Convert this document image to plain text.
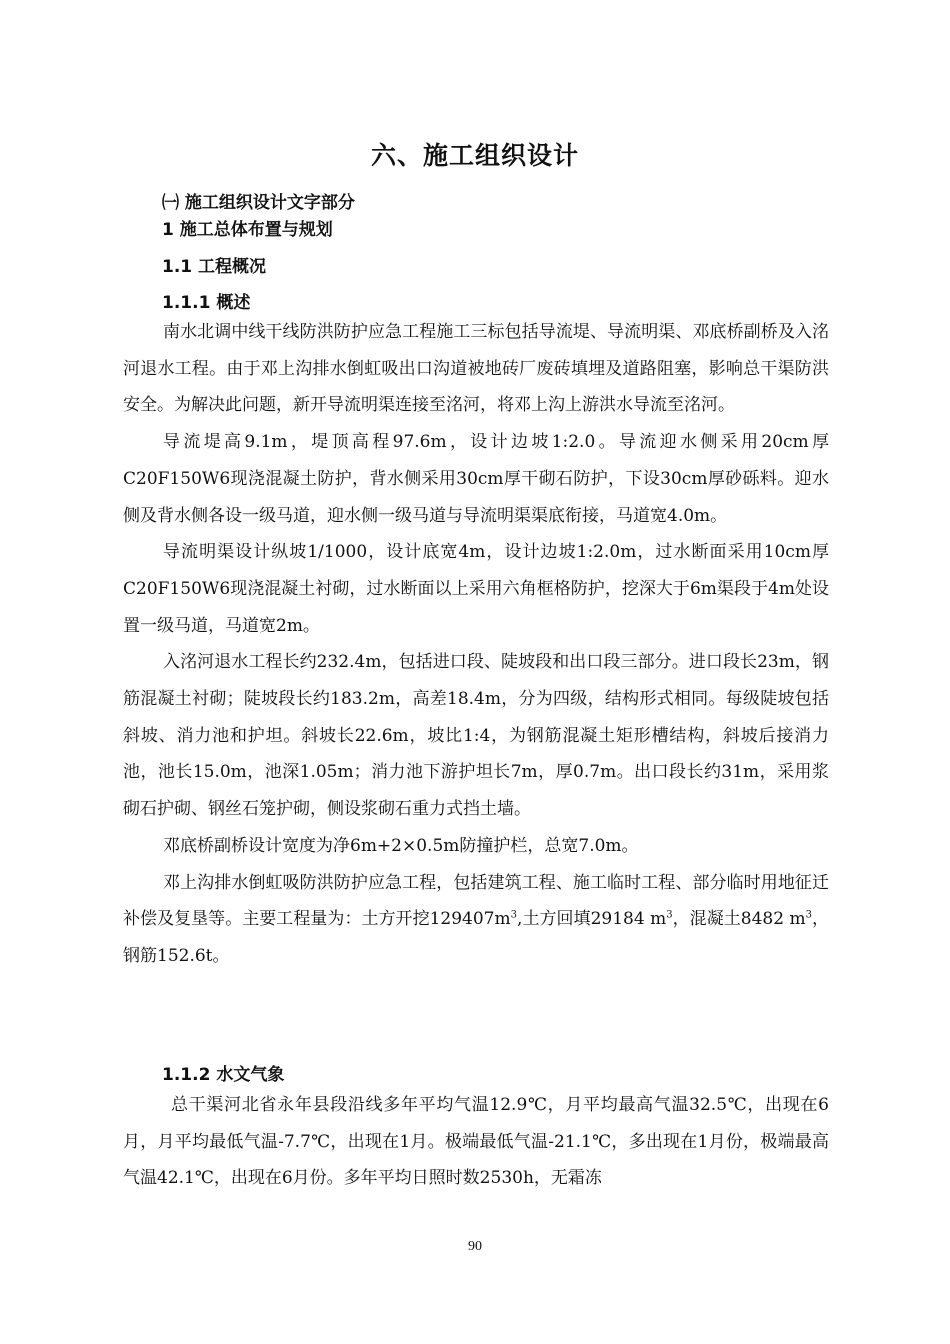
六、施工组织设计
㈠ 施工组织设计文字部分
1 施工总体布置与规划
1.1 工程概况
1.1.1 概述

南水北调中线干线防洪防护应急工程施工三标包括导流堤、导流明渠、邓底桥副桥及入洺河退水工程。由于邓上沟排水倒虹吸出口沟道被地砖厂废砖填埋及道路阻塞，影响总干渠防洪安全。为解决此问题，新开导流明渠连接至洺河，将邓上沟上游洪水导流至洺河。

导流堤高9.1m，堤顶高程97.6m，设计边坡1:2.0。导流迎水侧采用20cm厚C20F150W6现浇混凝土防护，背水侧采用30cm厚干砌石防护，下设30cm厚砂砾料。迎水侧及背水侧各设一级马道，迎水侧一级马道与导流明渠渠底衔接，马道宽4.0m。

导流明渠设计纵坡1/1000，设计底宽4m，设计边坡1:2.0m，过水断面采用10cm厚C20F150W6现浇混凝土衬砌，过水断面以上采用六角框格防护，挖深大于6m渠段于4m处设置一级马道，马道宽2m。

入洺河退水工程长约232.4m，包括进口段、陡坡段和出口段三部分。进口段长23m，钢筋混凝土衬砌；陡坡段长约183.2m，高差18.4m，分为四级，结构形式相同。每级陡坡包括斜坡、消力池和护坦。斜坡长22.6m，坡比1:4，为钢筋混凝土矩形槽结构，斜坡后接消力池，池长15.0m，池深1.05m；消力池下游护坦长7m，厚0.7m。出口段长约31m，采用浆砌石护砌、钢丝石笼护砌，侧设浆砌石重力式挡土墙。

邓底桥副桥设计宽度为净6m+2×0.5m防撞护栏，总宽7.0m。

邓上沟排水倒虹吸防洪防护应急工程，包括建筑工程、施工临时工程、部分临时用地征迁补偿及复垦等。主要工程量为：土方开挖$129407m^3$,土方回填29184 $m^3$，混凝土8482 $m^3$，钢筋152.6t。

1.1.2 水文气象

总干渠河北省永年县段沿线多年平均气温12.9℃，月平均最高气温32.5℃，出现在6月，月平均最低气温-7.7℃，出现在1月。极端最低气温-21.1℃，多出现在1月份，极端最高气温42.1℃，出现在6月份。多年平均日照时数2530h，无霜冻

90
